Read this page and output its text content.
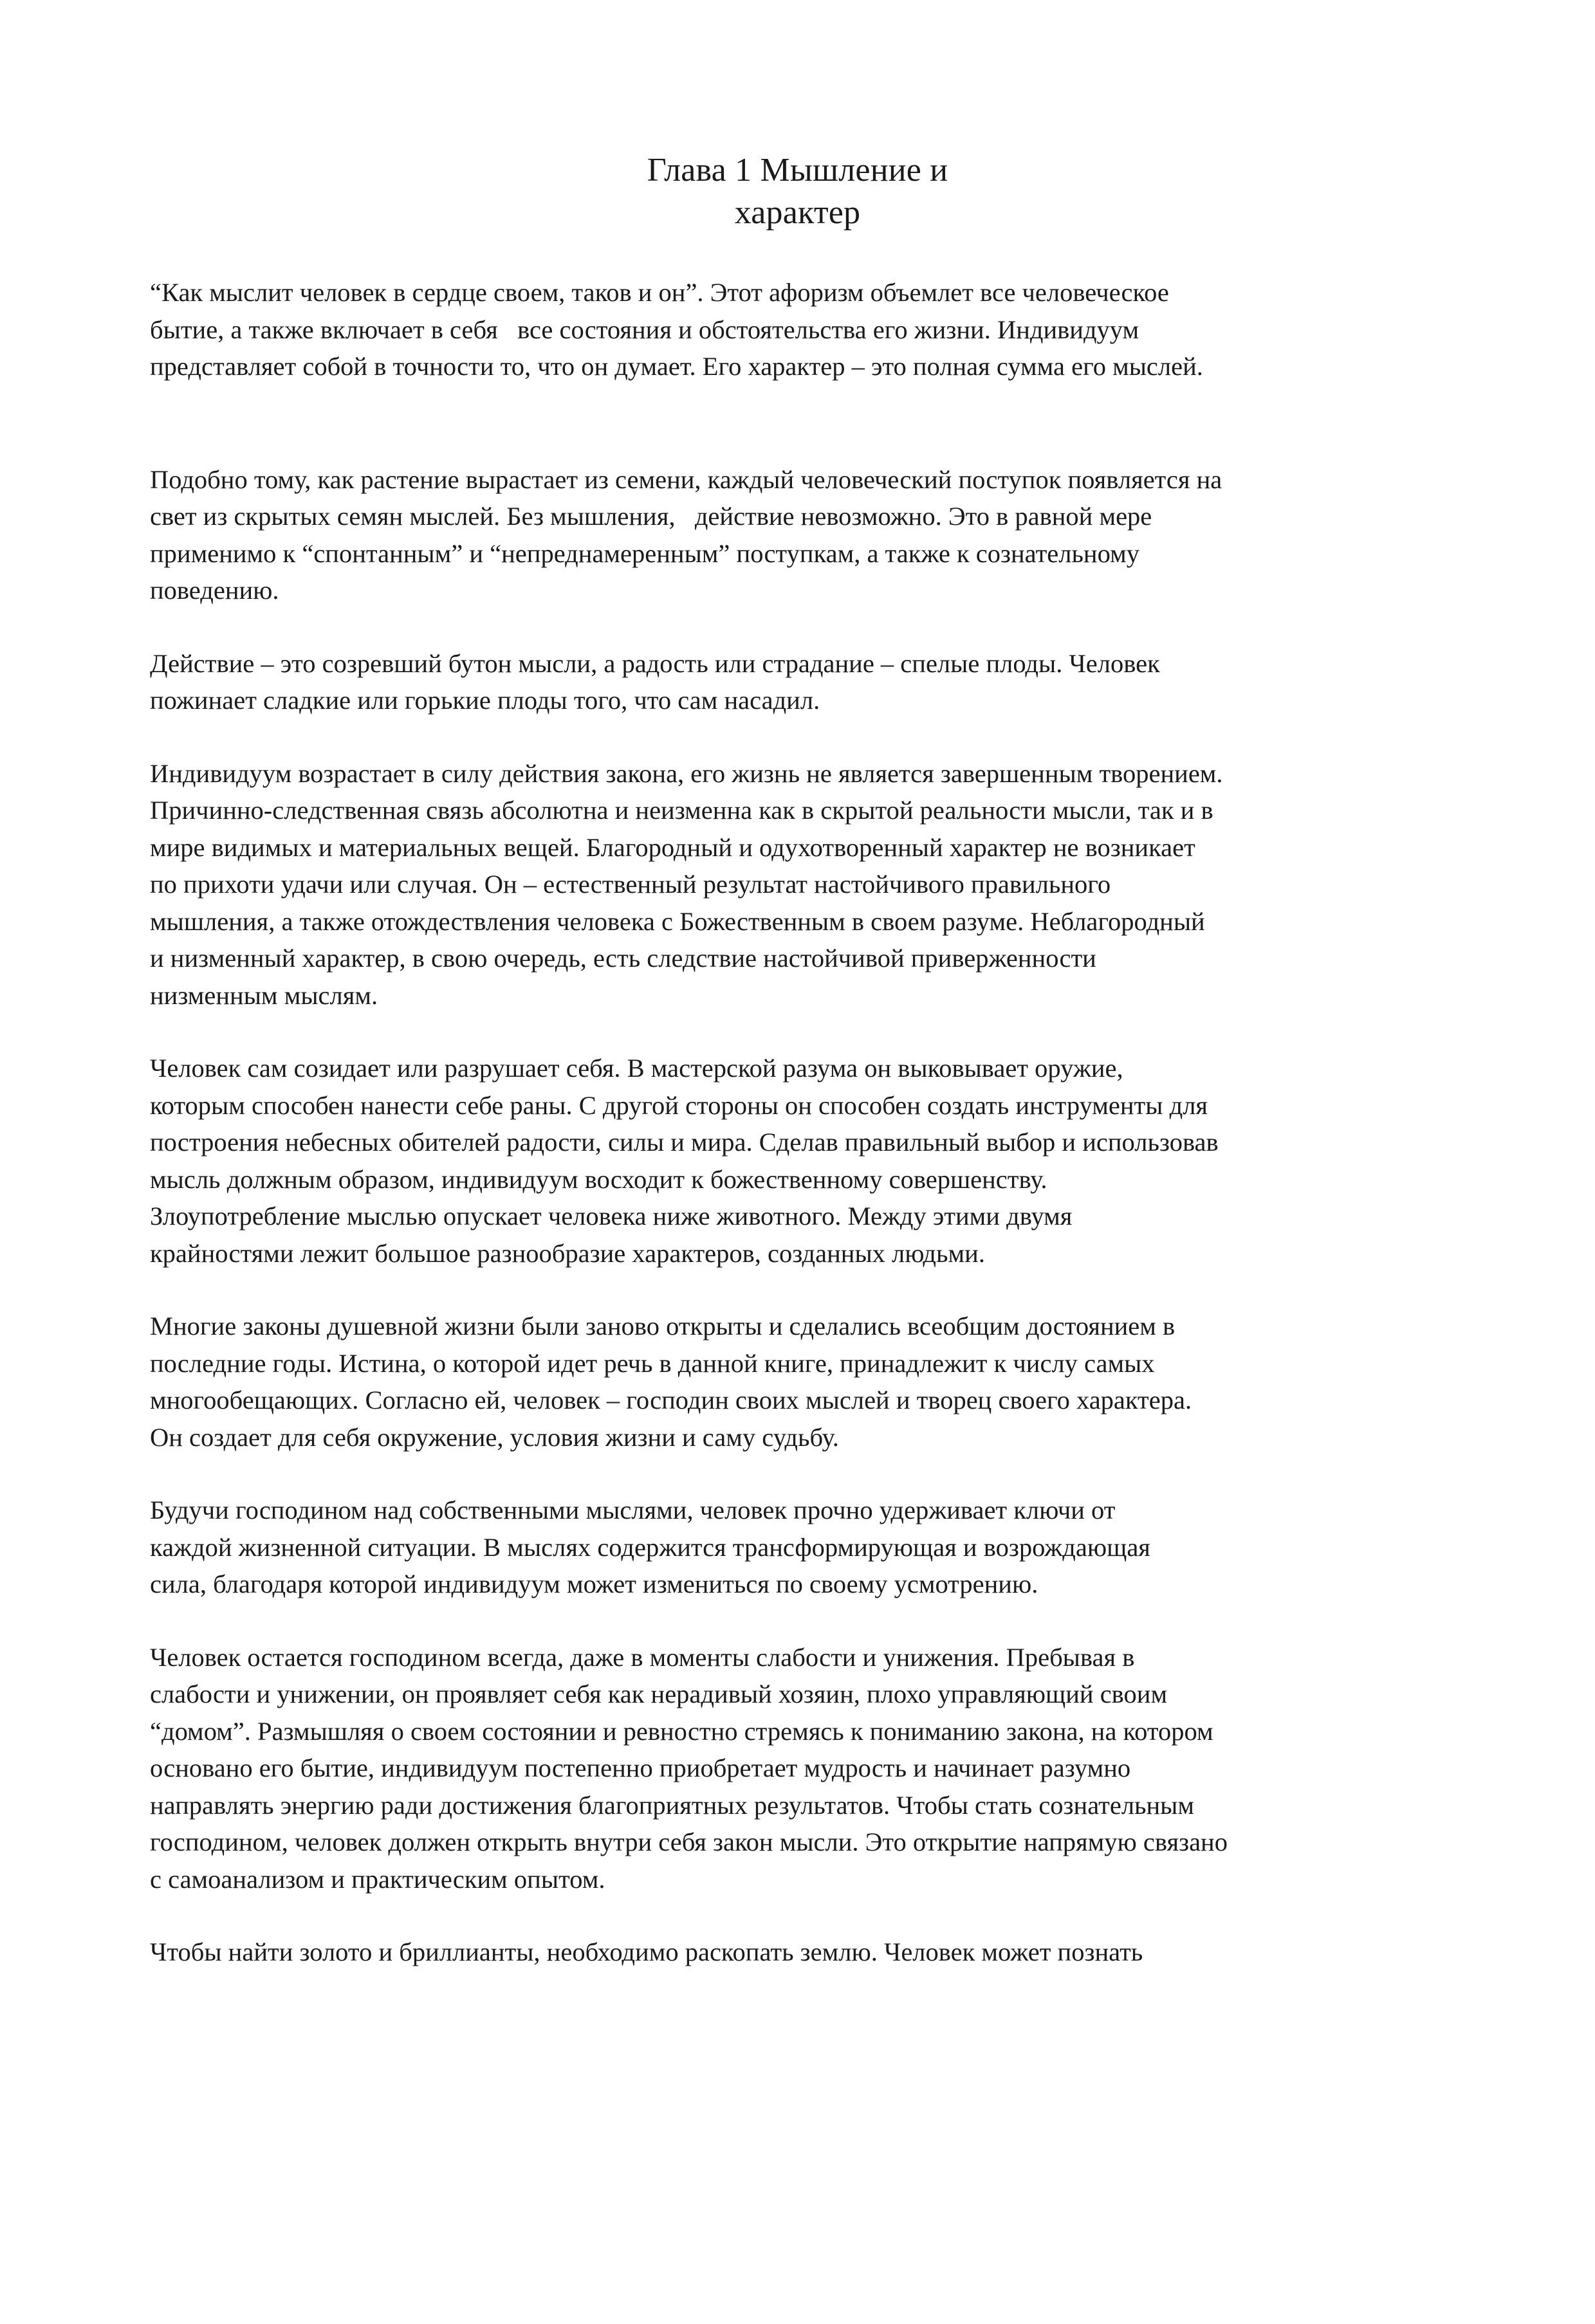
Глава 1 Мышление и
характер
“Как мыслит человек в сердце своем, таков и он”. Этот афоризм объемлет все человеческое
бытие, а также включает в себя   все состояния и обстоятельства его жизни. Индивидуум
представляет собой в точности то, что он думает. Его характер – это полная сумма его мыслей.
Подобно тому, как растение вырастает из семени, каждый человеческий поступок появляется на
свет из скрытых семян мыслей. Без мышления,   действие невозможно. Это в равной мере
применимо к “спонтанным” и “непреднамеренным” поступкам, а также к сознательному
поведению.
Действие – это созревший бутон мысли, а радость или страдание – спелые плоды. Человек
пожинает сладкие или горькие плоды того, что сам насадил.
Индивидуум возрастает в силу действия закона, его жизнь не является завершенным творением.
Причинно-следственная связь абсолютна и неизменна как в скрытой реальности мысли, так и в
мире видимых и материальных вещей. Благородный и одухотворенный характер не возникает
по прихоти удачи или случая. Он – естественный результат настойчивого правильного
мышления, а также отождествления человека с Божественным в своем разуме. Неблагородный
и низменный характер, в свою очередь, есть следствие настойчивой приверженности
низменным мыслям.
Человек сам созидает или разрушает себя. В мастерской разума он выковывает оружие,
которым способен нанести себе раны. С другой стороны он способен создать инструменты для
построения небесных обителей радости, силы и мира. Сделав правильный выбор и использовав
мысль должным образом, индивидуум восходит к божественному совершенству.
Злоупотребление мыслью опускает человека ниже животного. Между этими двумя
крайностями лежит большое разнообразие характеров, созданных людьми.
Многие законы душевной жизни были заново открыты и сделались всеобщим достоянием в
последние годы. Истина, о которой идет речь в данной книге, принадлежит к числу самых
многообещающих. Согласно ей, человек – господин своих мыслей и творец своего характера.
Он создает для себя окружение, условия жизни и саму судьбу.
Будучи господином над собственными мыслями, человек прочно удерживает ключи от
каждой жизненной ситуации. В мыслях содержится трансформирующая и возрождающая
сила, благодаря которой индивидуум может измениться по своему усмотрению.
Человек остается господином всегда, даже в моменты слабости и унижения. Пребывая в
слабости и унижении, он проявляет себя как нерадивый хозяин, плохо управляющий своим
“домом”. Размышляя о своем состоянии и ревностно стремясь к пониманию закона, на котором
основано его бытие, индивидуум постепенно приобретает мудрость и начинает разумно
направлять энергию ради достижения благоприятных результатов. Чтобы стать сознательным
господином, человек должен открыть внутри себя закон мысли. Это открытие напрямую связано
с самоанализом и практическим опытом.
Чтобы найти золото и бриллианты, необходимо раскопать землю. Человек может познать
